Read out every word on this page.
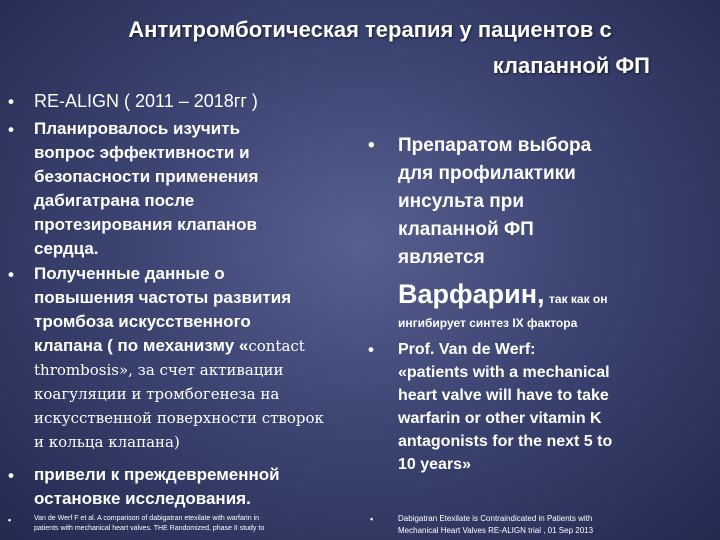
Антитромботическая терапия у пациентов с
клапанной ФП
• RE-ALIGN ( 2011 – 2018гг )
• Планировалось изучить
вопрос эффективности и
безопасности применения
дабигатрана после
протезирования клапанов
сердца.
• Полученные данные о
повышения частоты развития
тромбоза искусственного
клапана ( по механизму «contact
thrombosis», за счет активации
коагуляции и тромбогенеза на
искусственной поверхности створок
и кольца клапана)
• привели к преждевременной
остановке исследования.
•	Van de Werf F et al. A comparison of dabigatran etexilate with warfarin in
patients with mechanical heart valves. THE Randomized, phase II study to
• Препаратом выбора
для профилактики
инсульта при
клапанной ФП
является
Варфарин, так как он
ингибирует синтез IX фактора
• Prof. Van de Werf:
«patients with a mechanical
heart valve will have to take
warfarin or other vitamin K
antagonists for the next 5 to
10 years»
•	Dabigatran Etexilate is Contraindicated in Patients with
Mechanical Heart Valves RE-ALIGN trial , 01 Sep 2013
